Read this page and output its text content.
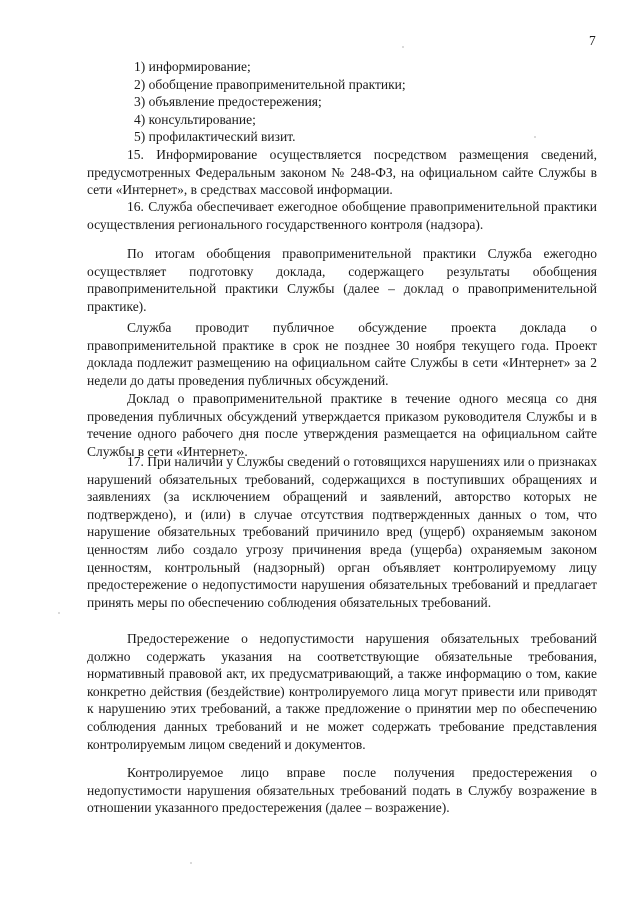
7
1) информирование;
2) обобщение правоприменительной практики;
3) объявление предостережения;
4) консультирование;
5) профилактический визит.

15. Информирование осуществляется посредством размещения сведений, предусмотренных Федеральным законом № 248-ФЗ, на официальном сайте Службы в сети «Интернет», в средствах массовой информации.

16. Служба обеспечивает ежегодное обобщение правоприменительной практики осуществления регионального государственного контроля (надзора).

По итогам обобщения правоприменительной практики Служба ежегодно осуществляет подготовку доклада, содержащего результаты обобщения правоприменительной практики Службы (далее – доклад о правоприменительной практике).

Служба проводит публичное обсуждение проекта доклада о правоприменительной практике в срок не позднее 30 ноября текущего года. Проект доклада подлежит размещению на официальном сайте Службы в сети «Интернет» за 2 недели до даты проведения публичных обсуждений.

Доклад о правоприменительной практике в течение одного месяца со дня проведения публичных обсуждений утверждается приказом руководителя Службы и в течение одного рабочего дня после утверждения размещается на официальном сайте Службы в сети «Интернет».

17. При наличии у Службы сведений о готовящихся нарушениях или о признаках нарушений обязательных требований, содержащихся в поступивших обращениях и заявлениях (за исключением обращений и заявлений, авторство которых не подтверждено), и (или) в случае отсутствия подтвержденных данных о том, что нарушение обязательных требований причинило вред (ущерб) охраняемым законом ценностям либо создало угрозу причинения вреда (ущерба) охраняемым законом ценностям, контрольный (надзорный) орган объявляет контролируемому лицу предостережение о недопустимости нарушения обязательных требований и предлагает принять меры по обеспечению соблюдения обязательных требований.

Предостережение о недопустимости нарушения обязательных требований должно содержать указания на соответствующие обязательные требования, нормативный правовой акт, их предусматривающий, а также информацию о том, какие конкретно действия (бездействие) контролируемого лица могут привести или приводят к нарушению этих требований, а также предложение о принятии мер по обеспечению соблюдения данных требований и не может содержать требование представления контролируемым лицом сведений и документов.

Контролируемое лицо вправе после получения предостережения о недопустимости нарушения обязательных требований подать в Службу возражение в отношении указанного предостережения (далее – возражение).
